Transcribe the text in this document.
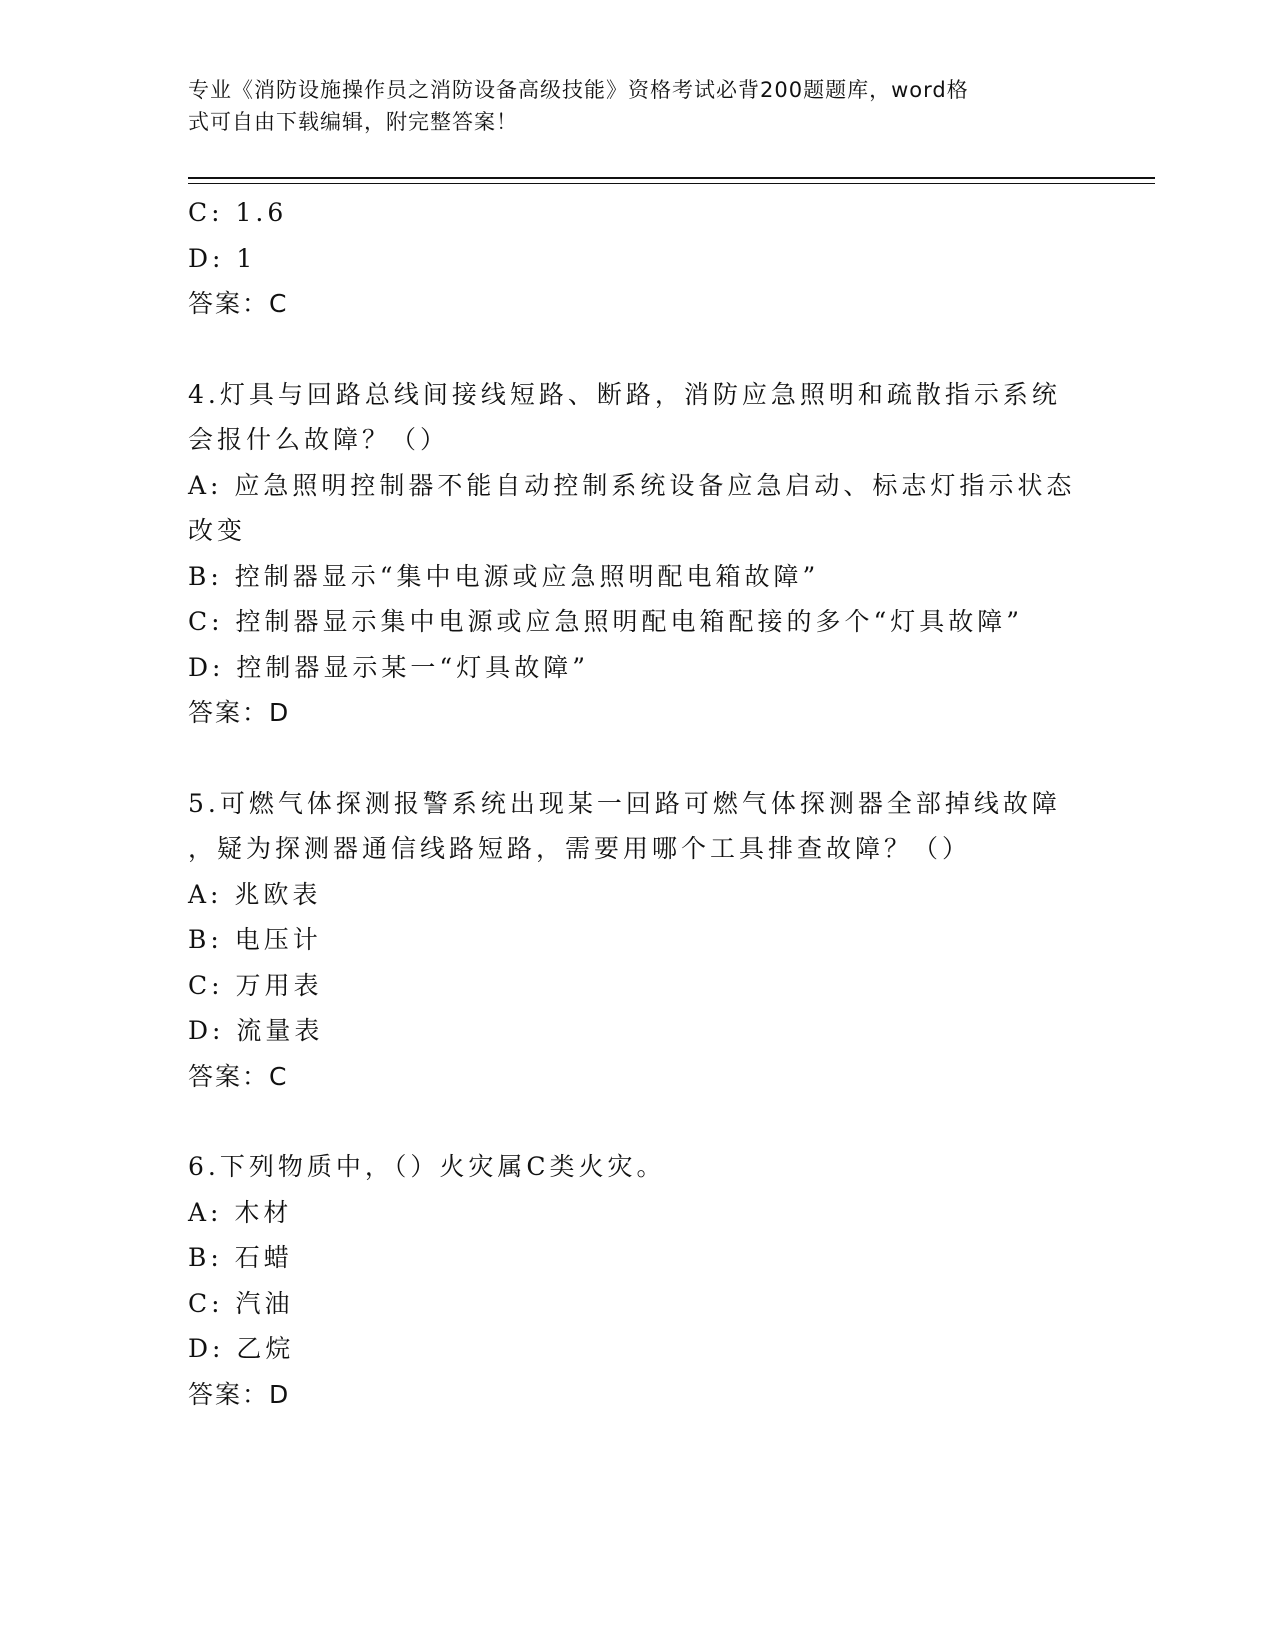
专业《消防设施操作员之消防设备高级技能》资格考试必背200题题库，word格
式可自由下载编辑，附完整答案！
C: 1.6
D: 1
答案：C
4.灯具与回路总线间接线短路、断路，消防应急照明和疏散指示系统
会报什么故障？（）
A: 应急照明控制器不能自动控制系统设备应急启动、标志灯指示状态
改变
B: 控制器显示“集中电源或应急照明配电箱故障”
C: 控制器显示集中电源或应急照明配电箱配接的多个“灯具故障”
D: 控制器显示某一“灯具故障”
答案：D
5.可燃气体探测报警系统出现某一回路可燃气体探测器全部掉线故障
，疑为探测器通信线路短路，需要用哪个工具排查故障？（）
A: 兆欧表
B: 电压计
C: 万用表
D: 流量表
答案：C
6.下列物质中，（）火灾属C类火灾。
A: 木材
B: 石蜡
C: 汽油
D: 乙烷
答案：D
